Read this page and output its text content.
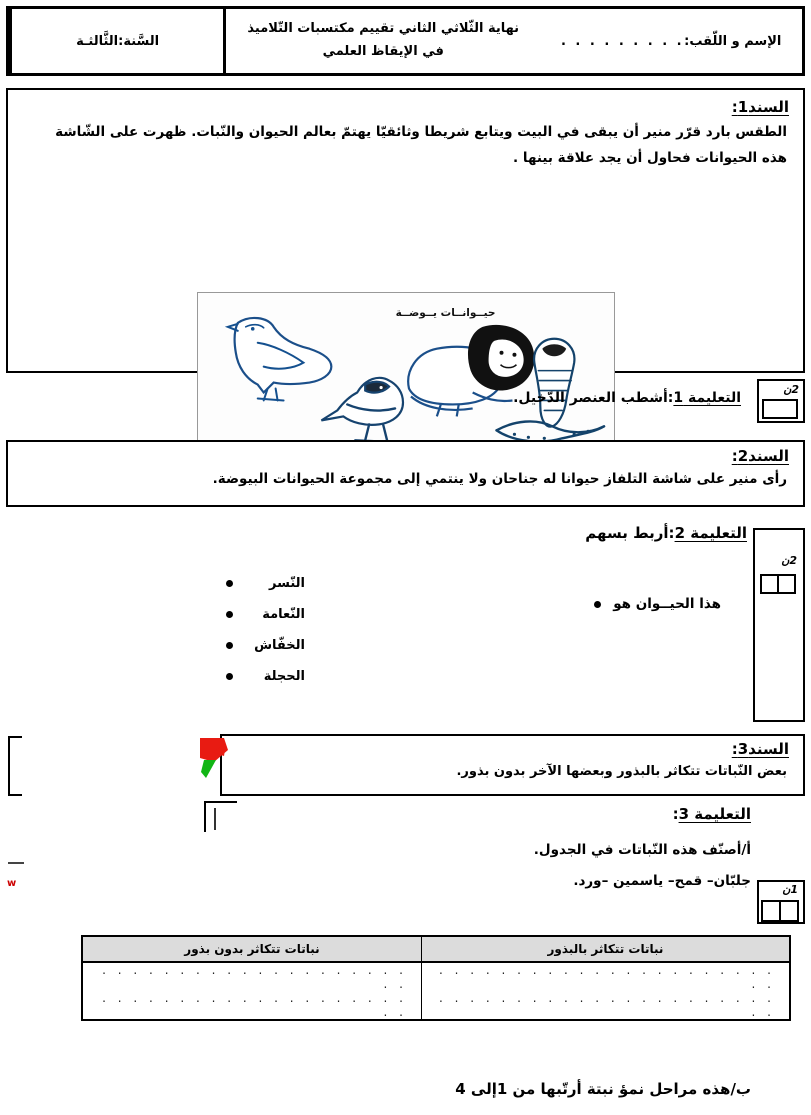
الإسم و اللّقب:
. . . . . . . . .
نهاية الثّلاثي الثاني تقييم مكتسبات التّلاميذ
في الإيقاظ العلمي
السَّنة:الثَّالثـة
السند1:
الطقس بارد قرّر منير أن يبقى في البيت ويتابع شريطا وثائقيّا يهتمّ بعالم الحيوان والنّبات. ظهرت على الشّاشة هذه الحيوانات فحاول أن يجد علاقة بينها .
حيــوانــات يــوضــة
التعليمة 1:أشطب العنصر الدّخيل.
2ن
السند2:
رأى منير على شاشة التلفاز حيوانا له جناحان ولا ينتمي إلى مجموعة الحيوانات البيوضة.
التعليمة 2:أربط بسهم
هذا الحيــوان هو
النّسر
النّعامة
الخفّاش
الحجلة
2ن
السند3:
بعض النّباتات تتكاثر بالبذور وبعضها الآخر بدون بذور.
w
التعليمة 3:
أ/أصنّف هذه النّباتات في الجدول.
جلبّان– قمح– ياسمين –ورد.
1ن
نباتات تتكاثر بالبذور	نباتات تتكاثر بدون بذور
. . . . . . . . . . . . . . . . . . . . . . . .	. . . . . . . . . . . . . . . . . . . . . .
. . . . . . . . . . . . . . . . . . . . . . . .	. . . . . . . . . . . . . . . . . . . . . .
ب/هذه مراحل نمؤ نبتة أرتّبها من 1إلى 4
